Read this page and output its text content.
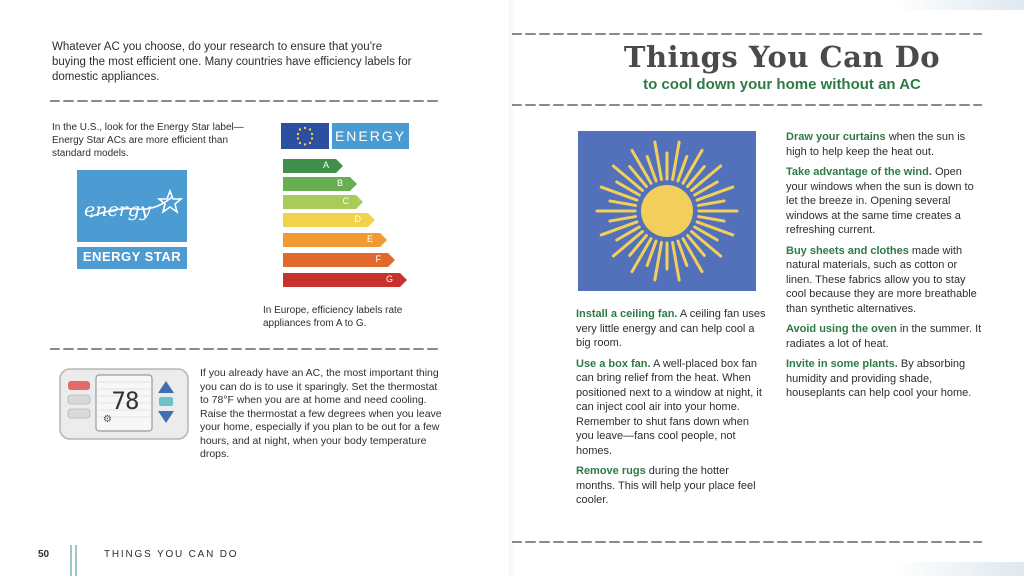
Whatever AC you choose, do your research to ensure that you're buying the most efficient one. Many countries have efficiency labels for domestic appliances.
In the U.S., look for the Energy Star label—Energy Star ACs are more efficient than standard models.
energy
ENERGY STAR
ENERGY
A
B
C
D
E
F
G
In Europe, efficiency labels rate appliances from A to G.
78
⚙
If you already have an AC, the most important thing you can do is to use it sparingly. Set the thermostat to 78°F when you are at home and need cooling. Raise the thermostat a few degrees when you leave your home, especially if you plan to be out for a few hours, and at night, when your body temperature drops.
50	THINGS YOU CAN DO
Things You Can Do
to cool down your home without an AC
Install a ceiling fan. A ceiling fan uses very little energy and can help cool a big room.
Use a box fan. A well-placed box fan can bring relief from the heat. When positioned next to a window at night, it can inject cool air into your home. Remember to shut fans down when you leave—fans cool people, not homes.
Remove rugs during the hotter months. This will help your place feel cooler.
Draw your curtains when the sun is high to help keep the heat out.
Take advantage of the wind. Open your windows when the sun is down to let the breeze in. Opening several windows at the same time creates a refreshing current.
Buy sheets and clothes made with natural materials, such as cotton or linen. These fabrics allow you to stay cool because they are more breathable than synthetic alternatives.
Avoid using the oven in the summer. It radiates a lot of heat.
Invite in some plants. By absorbing humidity and providing shade, houseplants can help cool your home.
